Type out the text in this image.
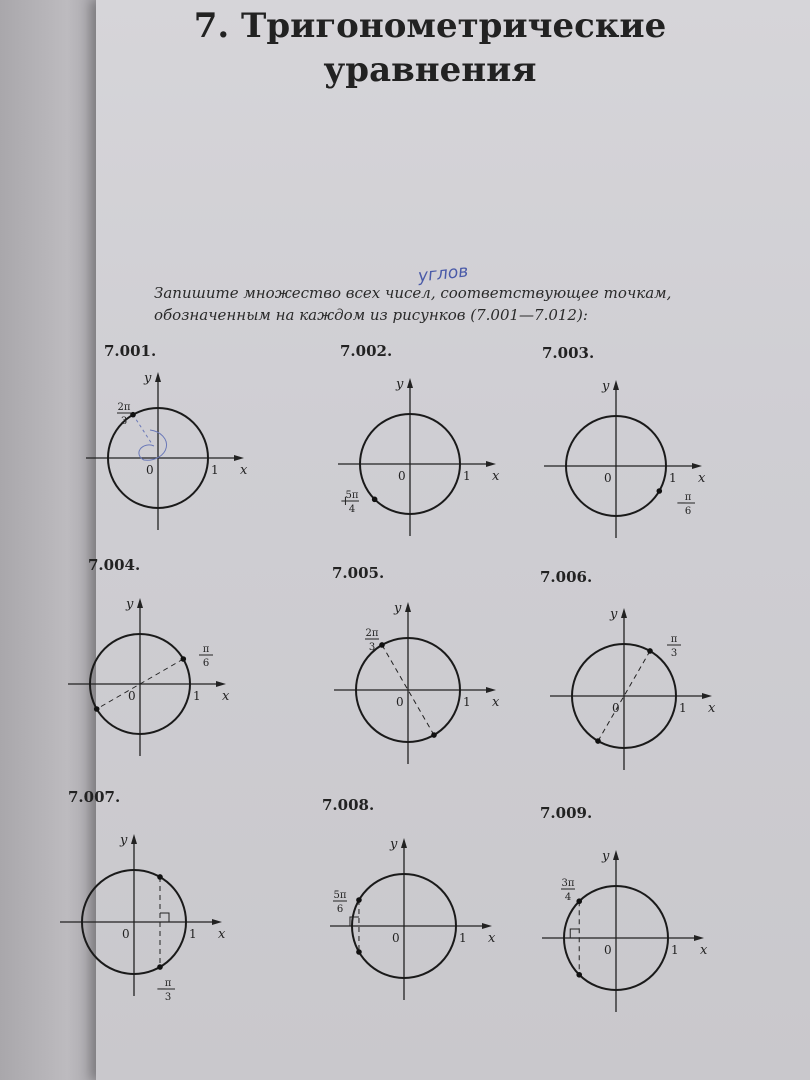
7. Тригонометрические уравнения
углов
Запишите множество всех чисел, соответствующее точкам, обозначенным на каждом из рисунков (7.001—7.012):
7.001.	7.002.	7.003.
7.004.	7.005.	7.006.
7.007.	7.008.	7.009.
x
y
0	1
2π
3
x
y
0	1
+
5π
4
x
y
0	1
−
π
6
x
y
0	1
π
6
x
y
0	1
2π
3
x
y
0	1
π
3
x
y
0	1
−
π
3
x
y
0	1
5π
6
x
y
0	1
3π
4
